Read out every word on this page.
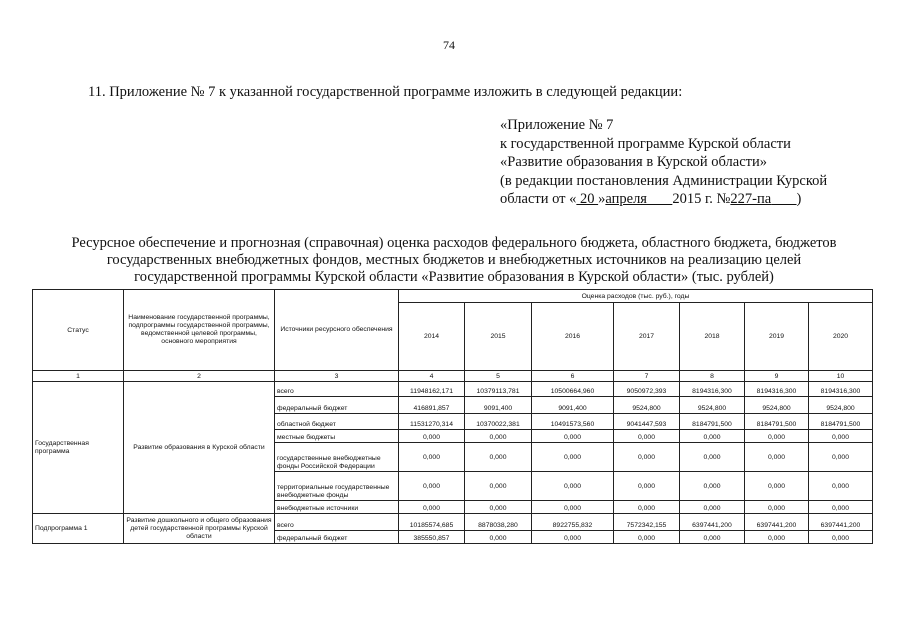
74
11. Приложение № 7 к указанной государственной программе изложить в следующей редакции:
«Приложение № 7
к государственной программе Курской области
«Развитие образования в Курской области»
(в редакции постановления Администрации Курской
области от « 20 »апреля 2015 г. №227-па )
Ресурсное обеспечение и прогнозная (справочная) оценка расходов федерального бюджета, областного бюджета, бюджетов
государственных внебюджетных фондов, местных бюджетов и внебюджетных источников на реализацию целей
государственной программы Курской области «Развитие образования в Курской области» (тыс. рублей)
Статус	Наименование государственной программы, подпрограммы государственной программы, ведомственной целевой программы, основного мероприятия	Источники ресурсного обеспечения	Оценка расходов (тыс. руб.), годы						
			2014	2015	2016	2017	2018	2019	2020
1	2	3	4	5	6	7	8	9	10
Государственная программа	Развитие образования в Курской области	всего	11948162,171	10379113,781	10500664,960	9050972,393	8194316,300	8194316,300	8194316,300
		федеральный бюджет	416891,857	9091,400	9091,400	9524,800	9524,800	9524,800	9524,800
		областной бюджет	11531270,314	10370022,381	10491573,560	9041447,593	8184791,500	8184791,500	8184791,500
		местные бюджеты	0,000	0,000	0,000	0,000	0,000	0,000	0,000
		государственные внебюджетные фонды Российской Федерации	0,000	0,000	0,000	0,000	0,000	0,000	0,000
		территориальные государственные внебюджетные фонды	0,000	0,000	0,000	0,000	0,000	0,000	0,000
		внебюджетные источники	0,000	0,000	0,000	0,000	0,000	0,000	0,000
Подпрограмма 1	Развитие дошкольного и общего образования детей государственной программы Курской области	всего	10185574,685	8878038,280	8922755,832	7572342,155	6397441,200	6397441,200	6397441,200
		федеральный бюджет	385550,857	0,000	0,000	0,000	0,000	0,000	0,000
